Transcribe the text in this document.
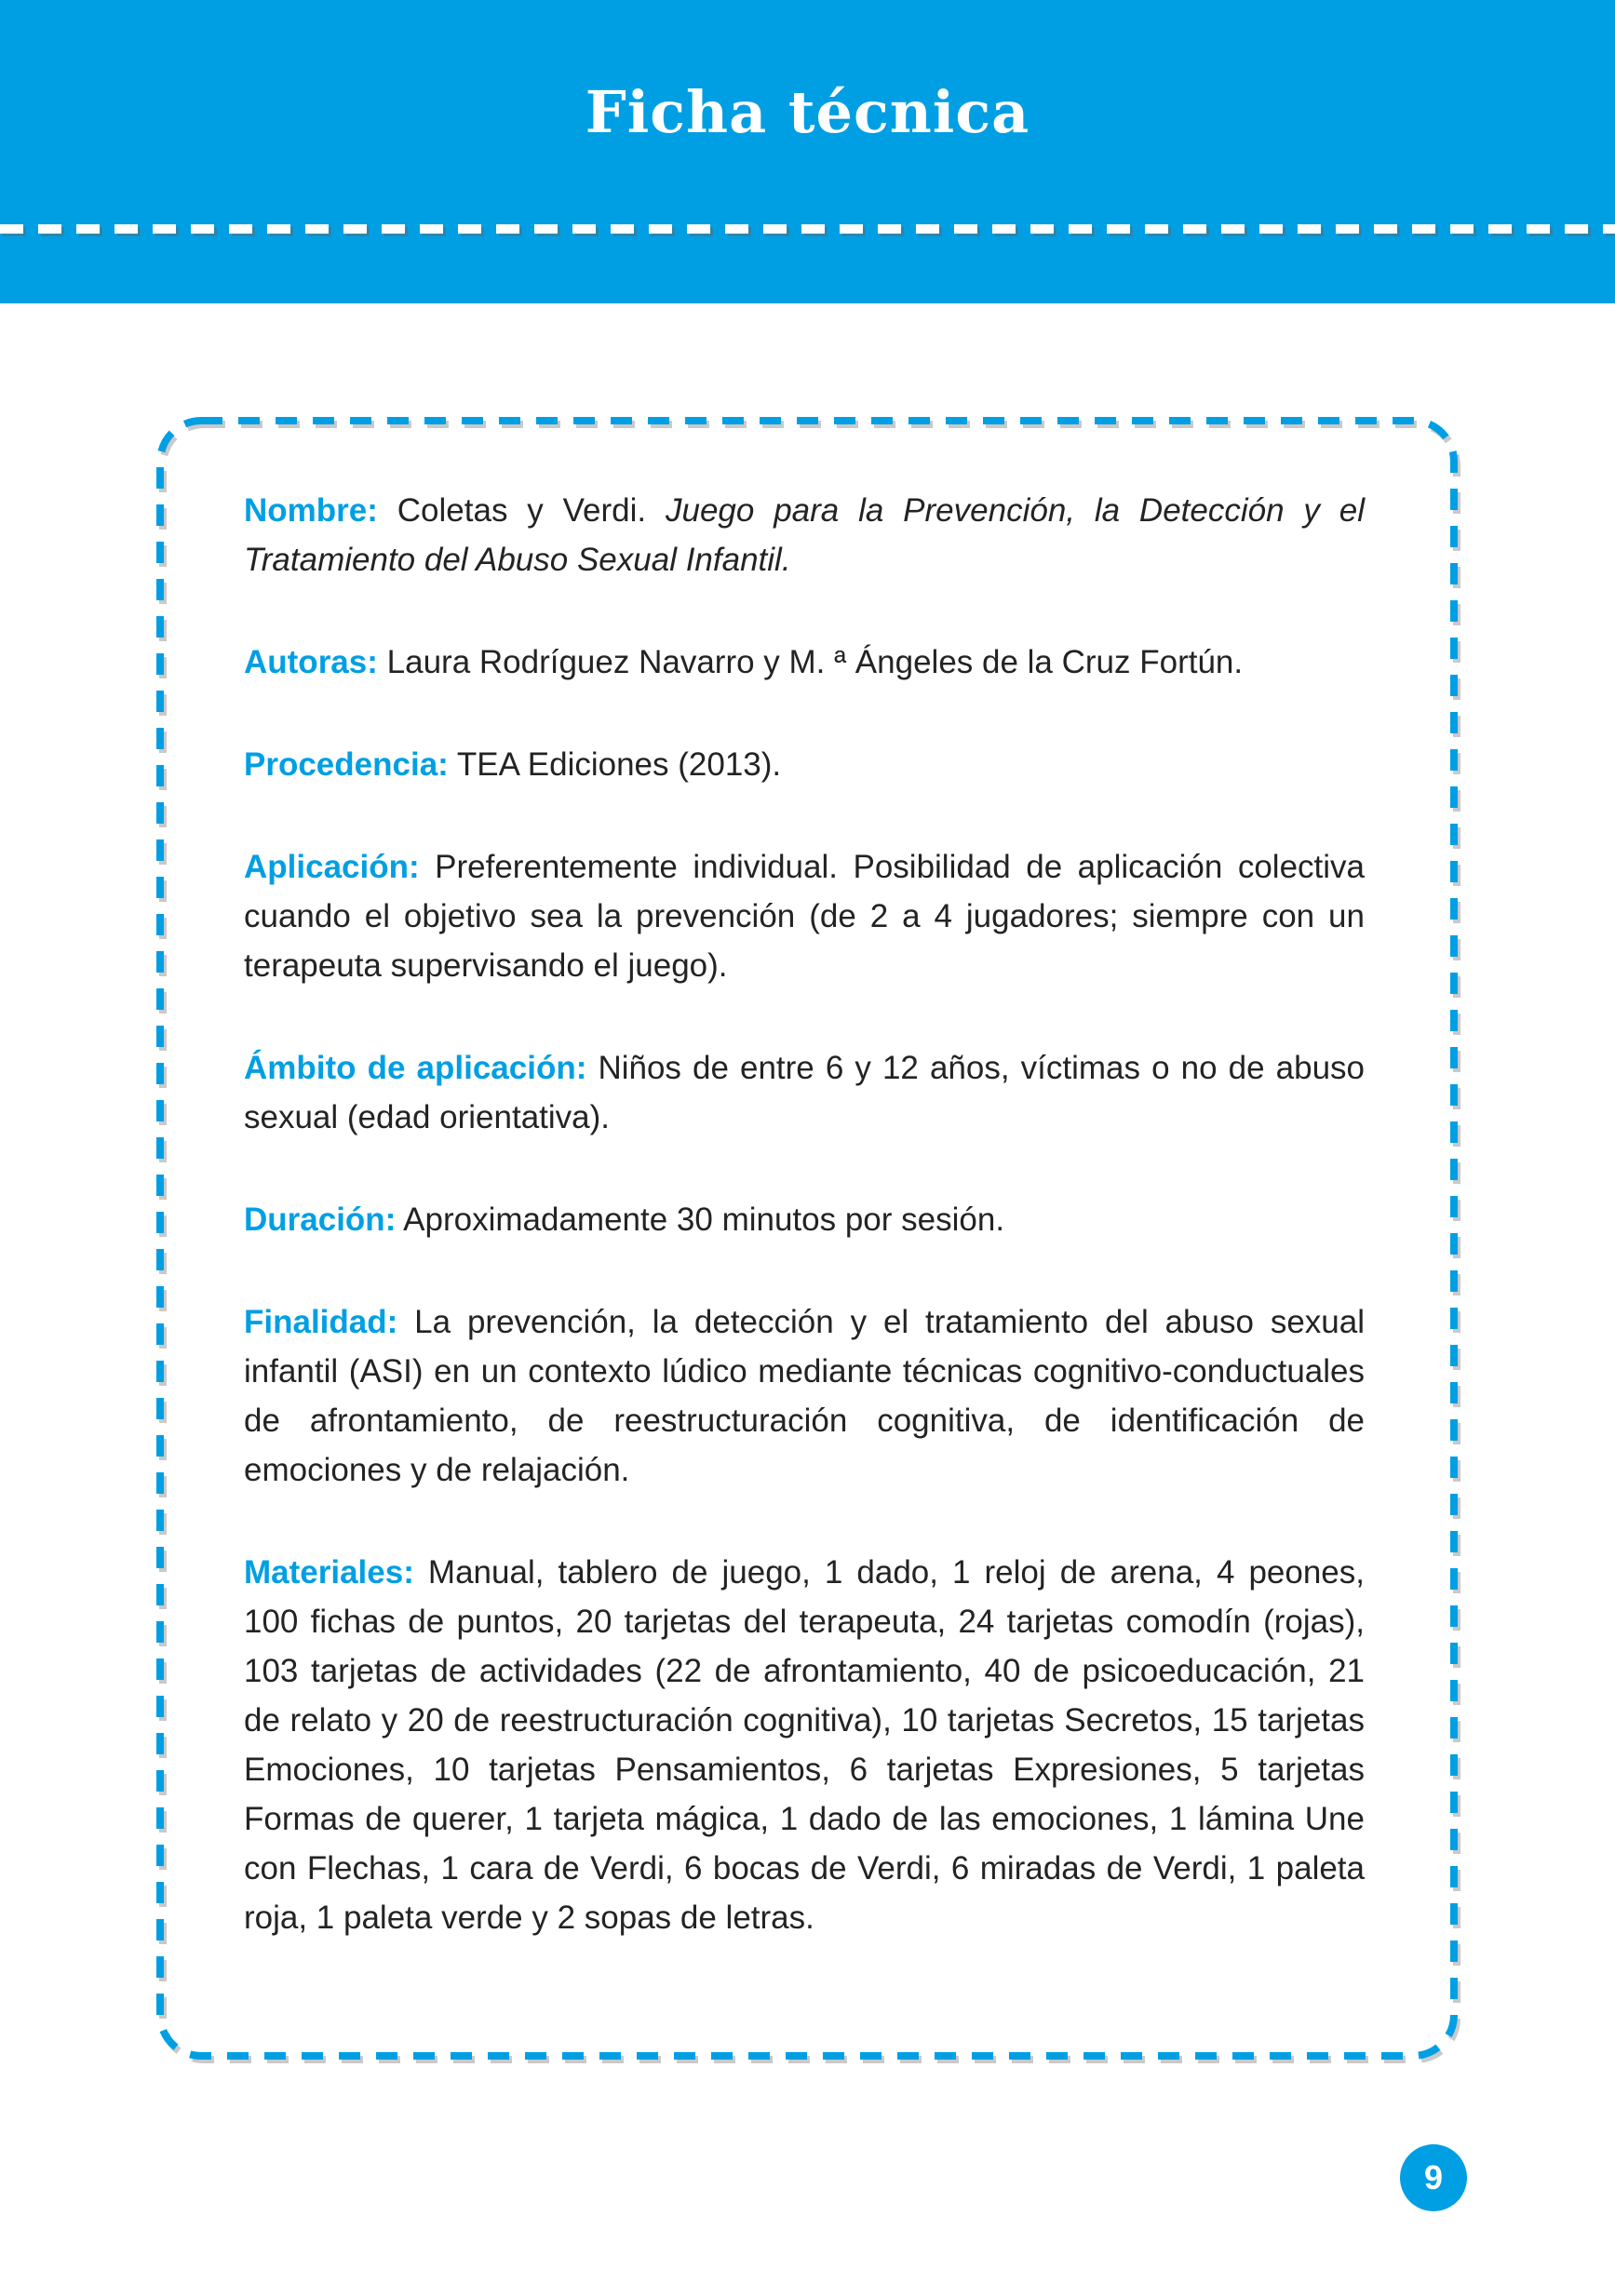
Ficha técnica

Nombre: Coletas y Verdi. Juego para la Prevención, la Detección y el Tratamiento del Abuso Sexual Infantil.

Autoras: Laura Rodríguez Navarro y M. ª Ángeles de la Cruz Fortún.

Procedencia: TEA Ediciones (2013).

Aplicación: Preferentemente individual. Posibilidad de aplicación colectiva cuando el objetivo sea la prevención (de 2 a 4 jugadores; siempre con un terapeuta supervisando el juego).

Ámbito de aplicación: Niños de entre 6 y 12 años, víctimas o no de abuso sexual (edad orientativa).

Duración: Aproximadamente 30 minutos por sesión.

Finalidad: La prevención, la detección y el tratamiento del abuso sexual infantil (ASI) en un contexto lúdico mediante técnicas cognitivo-conductuales de afrontamiento, de reestructuración cognitiva, de identificación de emociones y de relajación.

Materiales: Manual, tablero de juego, 1 dado, 1 reloj de arena, 4 peones, 100 fichas de puntos, 20 tarjetas del terapeuta, 24 tarjetas comodín (rojas), 103 tarjetas de actividades (22 de afrontamiento, 40 de psicoeducación, 21 de relato y 20 de reestructuración cognitiva), 10 tarjetas Secretos, 15 tarjetas Emociones, 10 tarjetas Pensamientos, 6 tarjetas Expresiones, 5 tarjetas Formas de querer, 1 tarjeta mágica, 1 dado de las emociones, 1 lámina Une con Flechas, 1 cara de Verdi, 6 bocas de Verdi, 6 miradas de Verdi, 1 paleta roja, 1 paleta verde y 2 sopas de letras.

9
